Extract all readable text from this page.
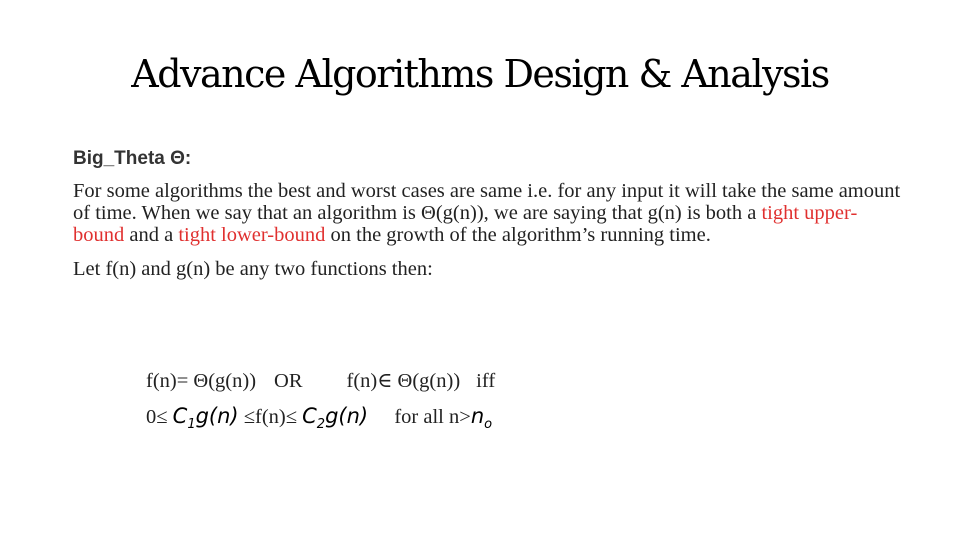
Advance Algorithms Design & Analysis
Big_Theta Θ:

For some algorithms the best and worst cases are same i.e. for any input it will take the same amount of time. When we say that an algorithm is Θ(g(n)), we are saying that g(n) is both a tight upper-bound and a tight lower-bound on the growth of the algorithm’s running time.

Let f(n) and g(n) be any two functions then:

f(n)= Θ(g(n)) OR f(n)∈ Θ(g(n)) iff
$0\le C_1g(n) \le f(n)\le C_2g(n)$ for all $n>n_o$
